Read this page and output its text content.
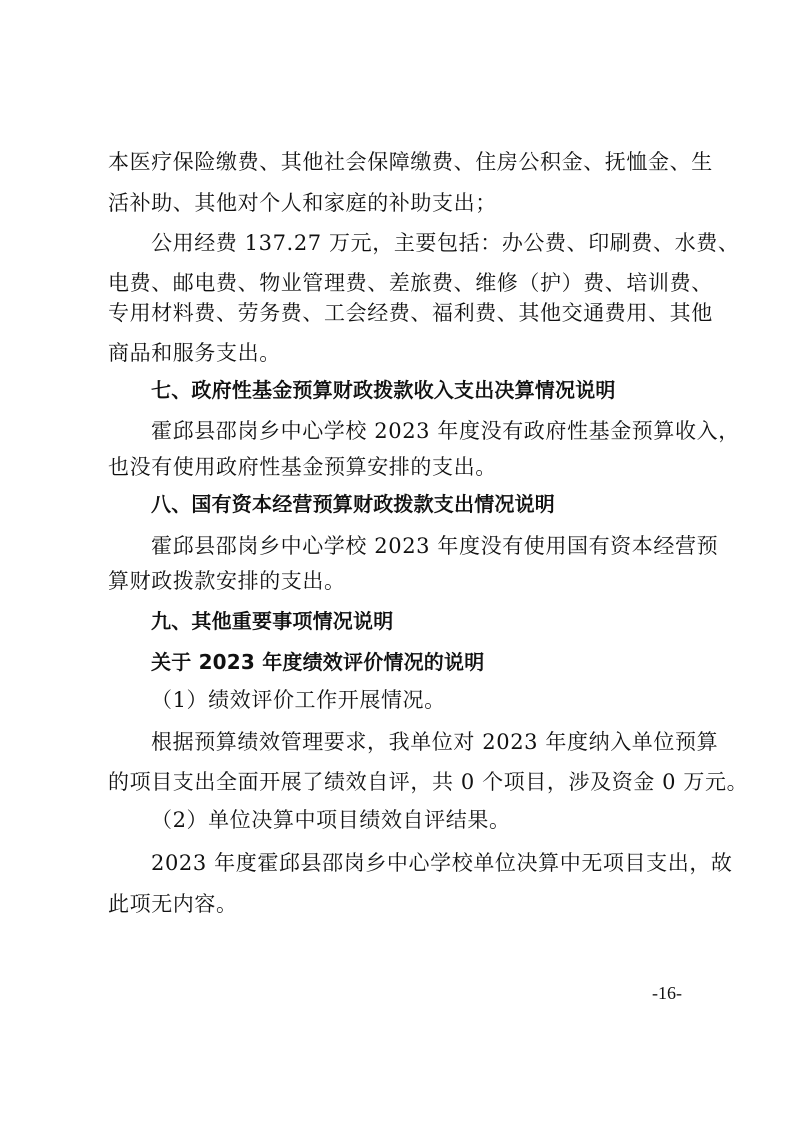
本医疗保险缴费、其他社会保障缴费、住房公积金、抚恤金、生
活补助、其他对个人和家庭的补助支出；
公用经费 137.27 万元，主要包括：办公费、印刷费、水费、
电费、邮电费、物业管理费、差旅费、维修（护）费、培训费、
专用材料费、劳务费、工会经费、福利费、其他交通费用、其他
商品和服务支出。
七、政府性基金预算财政拨款收入支出决算情况说明
霍邱县邵岗乡中心学校 2023 年度没有政府性基金预算收入，
也没有使用政府性基金预算安排的支出。
八、国有资本经营预算财政拨款支出情况说明
霍邱县邵岗乡中心学校 2023 年度没有使用国有资本经营预
算财政拨款安排的支出。
九、其他重要事项情况说明
关于 2023 年度绩效评价情况的说明
（1）绩效评价工作开展情况。
根据预算绩效管理要求，我单位对 2023 年度纳入单位预算
的项目支出全面开展了绩效自评，共 0 个项目，涉及资金 0 万元。
（2）单位决算中项目绩效自评结果。
2023 年度霍邱县邵岗乡中心学校单位决算中无项目支出，故
此项无内容。
-16-
